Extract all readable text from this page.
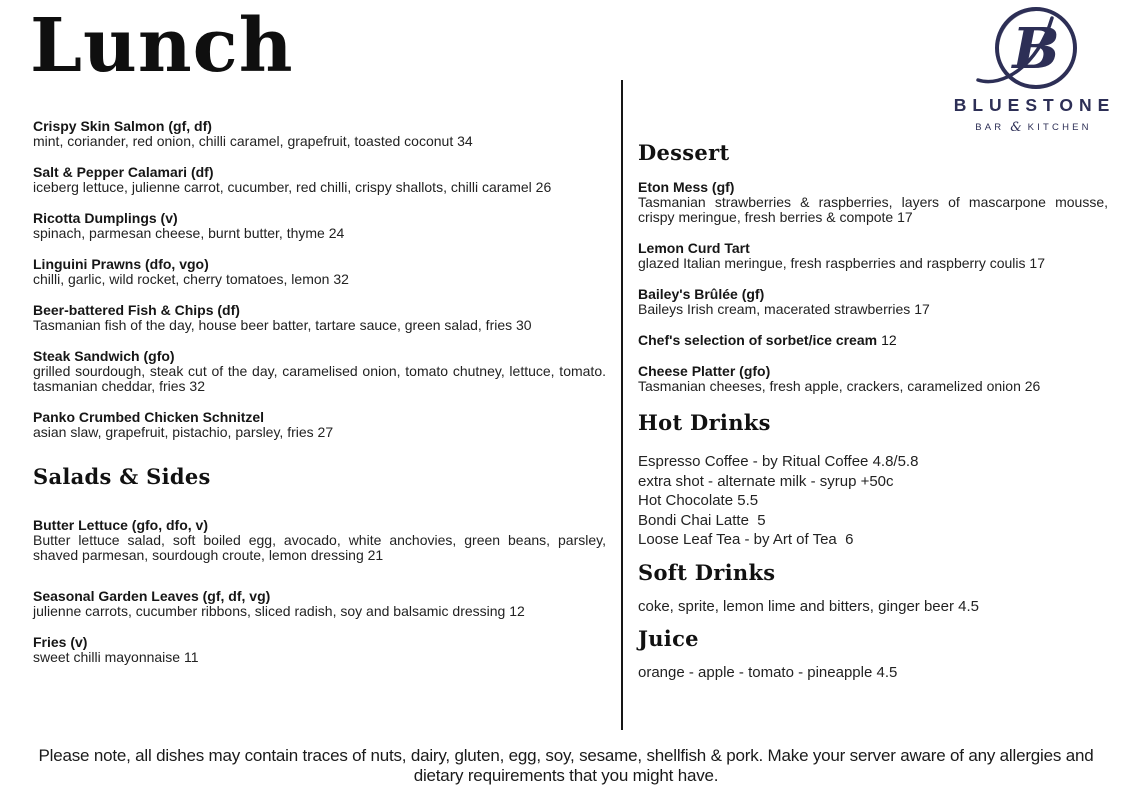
Lunch	B
BLUESTONE
BAR & KITCHEN
Crispy Skin Salmon (gf, df)
mint, coriander, red onion, chilli caramel, grapefruit, toasted coconut 34
Salt & Pepper Calamari (df)
iceberg lettuce, julienne carrot, cucumber, red chilli, crispy shallots, chilli caramel 26
Ricotta Dumplings (v)
spinach, parmesan cheese, burnt butter, thyme 24
Linguini Prawns (dfo, vgo)
chilli, garlic, wild rocket, cherry tomatoes, lemon 32
Beer-battered Fish & Chips (df)
Tasmanian fish of the day, house beer batter, tartare sauce, green salad, fries 30
Steak Sandwich (gfo)
grilled sourdough, steak cut of the day, caramelised onion, tomato chutney, lettuce, tomato. tasmanian cheddar, fries 32
Panko Crumbed Chicken Schnitzel
asian slaw, grapefruit, pistachio, parsley, fries 27
Salads & Sides
Butter Lettuce (gfo, dfo, v)
Butter lettuce salad, soft boiled egg, avocado, white anchovies, green beans, parsley, shaved parmesan, sourdough croute, lemon dressing 21
Seasonal Garden Leaves (gf, df, vg)
julienne carrots, cucumber ribbons, sliced radish, soy and balsamic dressing 12
Fries (v)
sweet chilli mayonnaise 11
Dessert
Eton Mess (gf)
Tasmanian strawberries & raspberries, layers of mascarpone mousse, crispy meringue, fresh berries & compote 17
Lemon Curd Tart
glazed Italian meringue, fresh raspberries and raspberry coulis 17
Bailey's Brûlée (gf)
Baileys Irish cream, macerated strawberries 17
Chef's selection of sorbet/ice cream 12
Cheese Platter (gfo)
Tasmanian cheeses, fresh apple, crackers, caramelized onion 26
Hot Drinks
Espresso Coffee - by Ritual Coffee 4.8/5.8
extra shot - alternate milk - syrup +50c
Hot Chocolate 5.5
Bondi Chai Latte  5
Loose Leaf Tea - by Art of Tea  6
Soft Drinks
coke, sprite, lemon lime and bitters, ginger beer 4.5
Juice
orange - apple - tomato - pineapple 4.5
Please note, all dishes may contain traces of nuts, dairy, gluten, egg, soy, sesame, shellfish & pork. Make your server aware of any allergies and dietary requirements that you might have.
